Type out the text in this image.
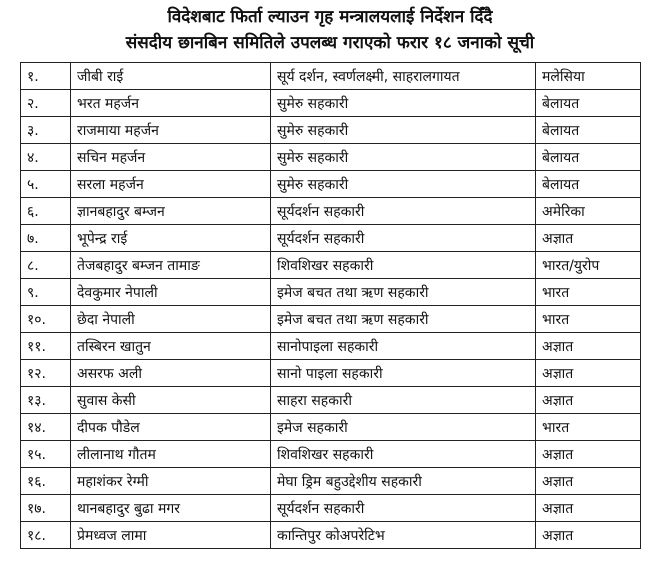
विदेशबाट फिर्ता ल्याउन गृह मन्त्रालयलाई निर्देशन दिँदै
संसदीय छानबिन समितिले उपलब्ध गराएको फरार १८ जनाको सूची
१.	जीबी राई	सूर्य दर्शन, स्वर्णलक्ष्मी, साहरालगायत	मलेसिया
२.	भरत महर्जन	सुमेरु सहकारी	बेलायत
३.	राजमाया महर्जन	सुमेरु सहकारी	बेलायत
४.	सचिन महर्जन	सुमेरु सहकारी	बेलायत
५.	सरला महर्जन	सुमेरु सहकारी	बेलायत
६.	ज्ञानबहादुर बम्जन	सूर्यदर्शन सहकारी	अमेरिका
७.	भूपेन्द्र राई	सूर्यदर्शन सहकारी	अज्ञात
८.	तेजबहादुर बम्जन तामाङ	शिवशिखर सहकारी	भारत/युरोप
९.	देवकुमार नेपाली	इमेज बचत तथा ऋण सहकारी	भारत
१०.	छेदा नेपाली	इमेज बचत तथा ऋण सहकारी	भारत
११.	तस्बिरन खातुन	सानोपाइला सहकारी	अज्ञात
१२.	असरफ अली	सानो पाइला सहकारी	अज्ञात
१३.	सुवास केसी	साहरा सहकारी	अज्ञात
१४.	दीपक पौडेल	इमेज सहकारी	भारत
१५.	लीलानाथ गौतम	शिवशिखर सहकारी	अज्ञात
१६.	महाशंकर रेग्मी	मेघा ड्रिम बहुउद्देशीय सहकारी	अज्ञात
१७.	थानबहादुर बुढा मगर	सूर्यदर्शन सहकारी	अज्ञात
१८.	प्रेमध्वज लामा	कान्तिपुर कोअपरेटिभ	अज्ञात
